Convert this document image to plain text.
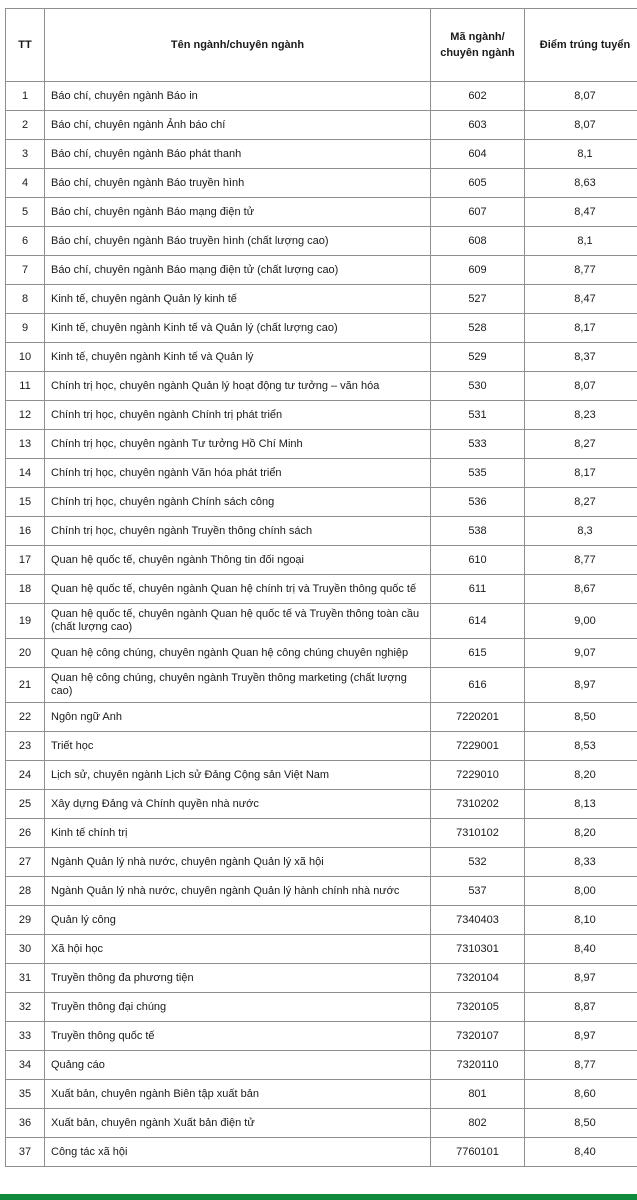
TT	Tên ngành/chuyên ngành	Mã ngành/ chuyên ngành	Điểm trúng tuyển
1	Báo chí, chuyên ngành Báo in	602	8,07
2	Báo chí, chuyên ngành Ảnh báo chí	603	8,07
3	Báo chí, chuyên ngành Báo phát thanh	604	8,1
4	Báo chí, chuyên ngành Báo truyền hình	605	8,63
5	Báo chí, chuyên ngành Báo mạng điện tử	607	8,47
6	Báo chí, chuyên ngành Báo truyền hình (chất lượng cao)	608	8,1
7	Báo chí, chuyên ngành Báo mạng điện tử (chất lượng cao)	609	8,77
8	Kinh tế, chuyên ngành Quản lý kinh tế	527	8,47
9	Kinh tế, chuyên ngành Kinh tế và Quản lý (chất lượng cao)	528	8,17
10	Kinh tế, chuyên ngành Kinh tế và Quản lý	529	8,37
11	Chính trị học, chuyên ngành Quản lý hoạt động tư tưởng – văn hóa	530	8,07
12	Chính trị học, chuyên ngành Chính trị phát triển	531	8,23
13	Chính trị học, chuyên ngành Tư tưởng Hồ Chí Minh	533	8,27
14	Chính trị học, chuyên ngành Văn hóa phát triển	535	8,17
15	Chính trị học, chuyên ngành Chính sách công	536	8,27
16	Chính trị học, chuyên ngành Truyền thông chính sách	538	8,3
17	Quan hệ quốc tế, chuyên ngành Thông tin đối ngoại	610	8,77
18	Quan hệ quốc tế, chuyên ngành Quan hệ chính trị và Truyền thông quốc tế	611	8,67
19	Quan hệ quốc tế, chuyên ngành Quan hệ quốc tế và Truyền thông toàn cầu (chất lượng cao)	614	9,00
20	Quan hệ công chúng, chuyên ngành Quan hệ công chúng chuyên nghiệp	615	9,07
21	Quan hệ công chúng, chuyên ngành Truyền thông marketing (chất lượng cao)	616	8,97
22	Ngôn ngữ Anh	7220201	8,50
23	Triết học	7229001	8,53
24	Lịch sử, chuyên ngành Lịch sử Đảng Cộng sản Việt Nam	7229010	8,20
25	Xây dựng Đảng và Chính quyền nhà nước	7310202	8,13
26	Kinh tế chính trị	7310102	8,20
27	Ngành Quản lý nhà nước, chuyên ngành Quản lý xã hội	532	8,33
28	Ngành Quản lý nhà nước, chuyên ngành Quản lý hành chính nhà nước	537	8,00
29	Quản lý công	7340403	8,10
30	Xã hội học	7310301	8,40
31	Truyền thông đa phương tiện	7320104	8,97
32	Truyền thông đại chúng	7320105	8,87
33	Truyền thông quốc tế	7320107	8,97
34	Quảng cáo	7320110	8,77
35	Xuất bản, chuyên ngành Biên tập xuất bản	801	8,60
36	Xuất bản, chuyên ngành Xuất bản điện tử	802	8,50
37	Công tác xã hội	7760101	8,40
